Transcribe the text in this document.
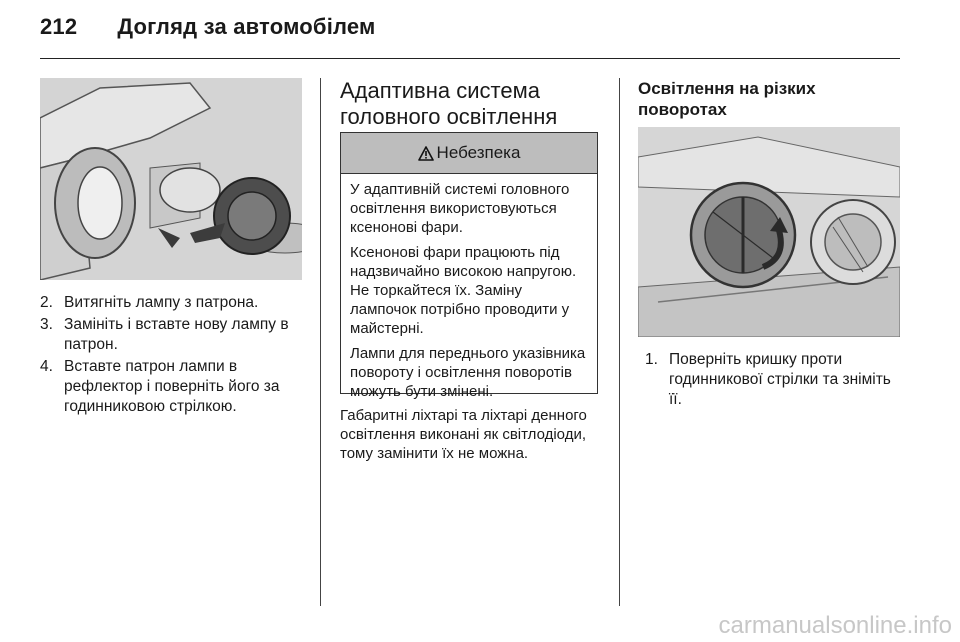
212 Догляд за автомобілем
2. Витягніть лампу з патрона.
3. Замініть і вставте нову лампу в патрон.
4. Вставте патрон лампи в рефлектор і поверніть його за годинниковою стрілкою.
Адаптивна система головного освітлення
Небезпека

У адаптивній системі головного освітлення використовуються ксенонові фари.

Ксенонові фари працюють під надзвичайно високою напругою. Не торкайтеся їх. Заміну лампочок потрібно проводити у майстерні.

Лампи для переднього указівника повороту і освітлення поворотів можуть бути змінені.

Габаритні ліхтарі та ліхтарі денного освітлення виконані як світлодіоди, тому замінити їх не можна.

Освітлення на різких поворотах
1. Поверніть кришку проти годинникової стрілки та зніміть її.
carmanualsonline.info
